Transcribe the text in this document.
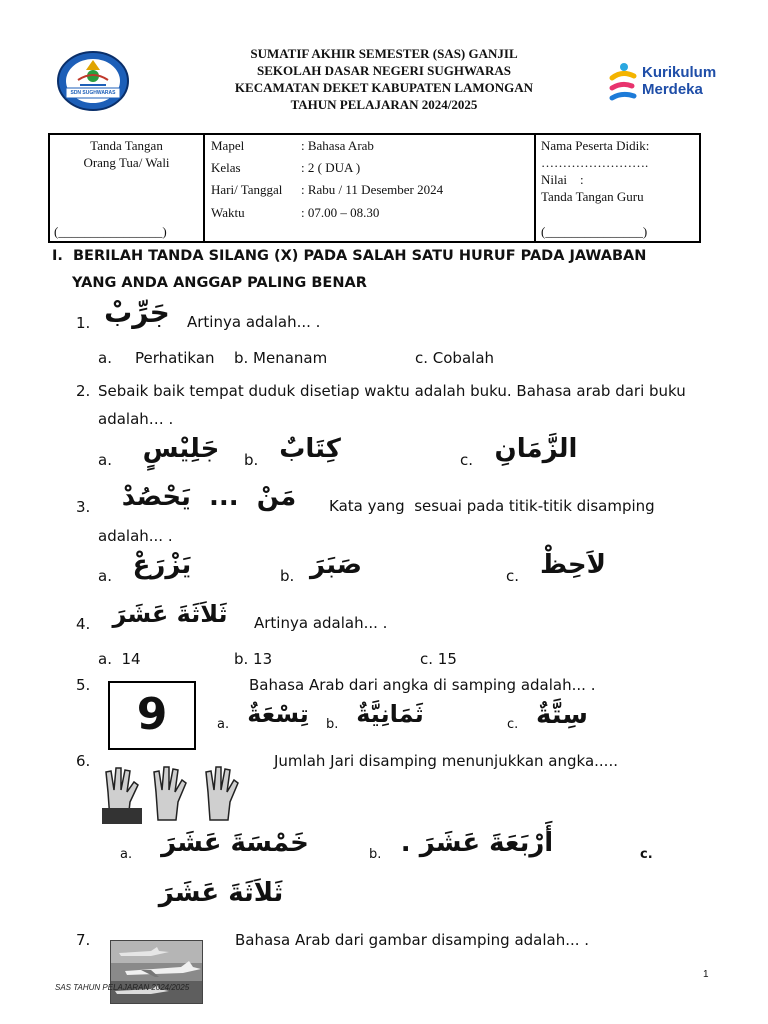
SDN SUGHWARAS
SUMATIF AKHIR SEMESTER (SAS) GANJIL
SEKOLAH DASAR NEGERI SUGHWARAS
KECAMATAN DEKET KABUPATEN LAMONGAN
TAHUN PELAJARAN 2024/2025
Kurikulum
Merdeka
Tanda Tangan
Orang Tua/ Wali
(________________)
Mapel	: Bahasa Arab
Kelas	: 2 ( DUA )
Hari/ Tanggal : Rabu / 11 Desember 2024
Waktu	: 07.00 – 08.30
Nama Peserta Didik:
…………………….
Nilai    :
Tanda Tangan Guru
(_______________)
I.  BERILAH TANDA SILANG (X) PADA SALAH SATU HURUF PADA JAWABAN
YANG ANDA ANGGAP PALING BENAR
1. جَرِّبْ	Artinya adalah... .
a. Perhatikan b. Menanam	c. Cobalah
2. Sebaik baik tempat duduk disetiap waktu adalah buku. Bahasa arab dari buku
adalah… .
a.	جَلِيْسٍ	b. كِتَابٌ	c. الزَّمَانِ
3.	مَنْ  ...  يَحْصُدْ	Kata yang  sesuai pada titik-titik disamping
adalah... .
a. يَزْرَعْ	b. صَبَرَ	c. لاَحِظْ
4. ثَلاَثَةَ عَشَرَ	Artinya adalah... .
a.  14	b. 13	c. 15
5.
9
Bahasa Arab dari angka di samping adalah... .
a. تِسْعَةٌ	b. ثَمَانِيَّةٌ	c. سِتَّةٌ
6.	Jumlah Jari disamping menunjukkan angka.....
a.	خَمْسَةَ عَشَرَ	b. أَرْبَعَةَ عَشَرَ .	c.
ثَلاَثَةَ عَشَرَ
7.	Bahasa Arab dari gambar disamping adalah... .
SAS TAHUN PELAJARAN 2024/2025
1
